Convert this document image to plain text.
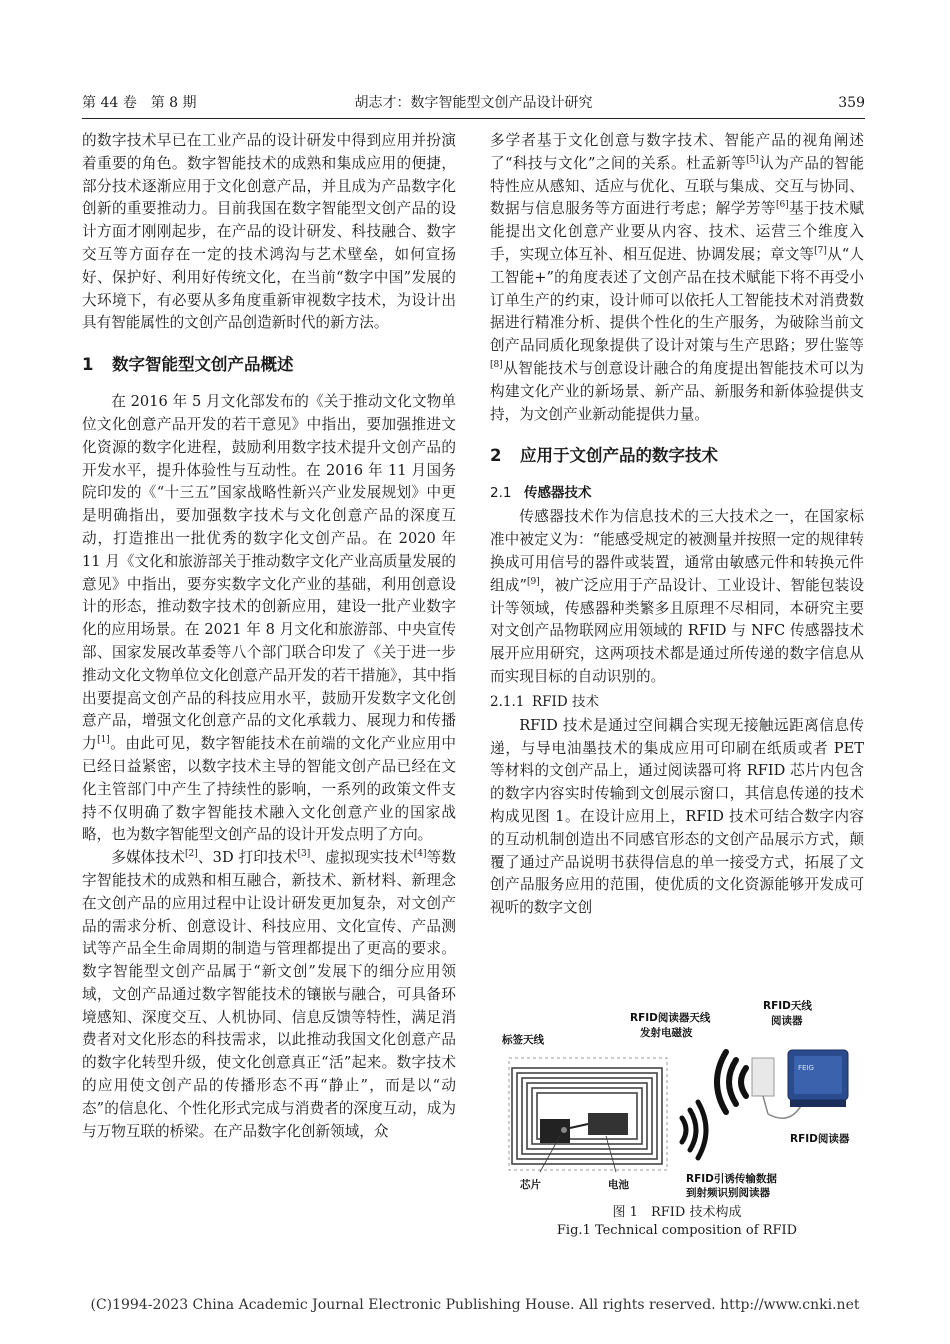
第 44 卷　第 8 期	胡志才：数字智能型文创产品设计研究	359

的数字技术早已在工业产品的设计研发中得到应用并扮演着重要的角色。数字智能技术的成熟和集成应用的便捷，部分技术逐渐应用于文化创意产品，并且成为产品数字化创新的重要推动力。目前我国在数字智能型文创产品的设计方面才刚刚起步，在产品的设计研发、科技融合、数字交互等方面存在一定的技术鸿沟与艺术壁垒，如何宣扬好、保护好、利用好传统文化，在当前“数字中国”发展的大环境下，有必要从多角度重新审视数字技术，为设计出具有智能属性的文创产品创造新时代的新方法。

1 数字智能型文创产品概述

在 2016 年 5 月文化部发布的《关于推动文化文物单位文化创意产品开发的若干意见》中指出，要加强推进文化资源的数字化进程，鼓励利用数字技术提升文创产品的开发水平，提升体验性与互动性。在 2016 年 11 月国务院印发的《“十三五”国家战略性新兴产业发展规划》中更是明确指出，要加强数字技术与文化创意产品的深度互动，打造推出一批优秀的数字化文创产品。在 2020 年 11 月《文化和旅游部关于推动数字文化产业高质量发展的意见》中指出，要夯实数字文化产业的基础，利用创意设计的形态，推动数字技术的创新应用，建设一批产业数字化的应用场景。在 2021 年 8 月文化和旅游部、中央宣传部、国家发展改革委等八个部门联合印发了《关于进一步推动文化文物单位文化创意产品开发的若干措施》，其中指出要提高文创产品的科技应用水平，鼓励开发数字文化创意产品，增强文化创意产品的文化承载力、展现力和传播力[1]。由此可见，数字智能技术在前端的文化产业应用中已经日益紧密，以数字技术主导的智能文创产品已经在文化主管部门中产生了持续性的影响，一系列的政策文件支持不仅明确了数字智能技术融入文化创意产业的国家战略，也为数字智能型文创产品的设计开发点明了方向。

多媒体技术[2]、3D 打印技术[3]、虚拟现实技术[4]等数字智能技术的成熟和相互融合，新技术、新材料、新理念在文创产品的应用过程中让设计研发更加复杂，对文创产品的需求分析、创意设计、科技应用、文化宣传、产品测试等产品全生命周期的制造与管理都提出了更高的要求。数字智能型文创产品属于“新文创”发展下的细分应用领域，文创产品通过数字智能技术的镶嵌与融合，可具备环境感知、深度交互、人机协同、信息反馈等特性，满足消费者对文化形态的科技需求，以此推动我国文化创意产品的数字化转型升级，使文化创意真正“活”起来。数字技术的应用使文创产品的传播形态不再“静止”，而是以“动态”的信息化、个性化形式完成与消费者的深度互动，成为与万物互联的桥梁。在产品数字化创新领域，众

多学者基于文化创意与数字技术、智能产品的视角阐述了“科技与文化”之间的关系。杜孟新等[5]认为产品的智能特性应从感知、适应与优化、互联与集成、交互与协同、数据与信息服务等方面进行考虑；解学芳等[6]基于技术赋能提出文化创意产业要从内容、技术、运营三个维度入手，实现立体互补、相互促进、协调发展；章文等[7]从“人工智能+”的角度表述了文创产品在技术赋能下将不再受小订单生产的约束，设计师可以依托人工智能技术对消费数据进行精准分析、提供个性化的生产服务，为破除当前文创产品同质化现象提供了设计对策与生产思路；罗仕鉴等[8]从智能技术与创意设计融合的角度提出智能技术可以为构建文化产业的新场景、新产品、新服务和新体验提供支持，为文创产业新动能提供力量。

2 应用于文创产品的数字技术
2.1 传感器技术

传感器技术作为信息技术的三大技术之一，在国家标准中被定义为：“能感受规定的被测量并按照一定的规律转换成可用信号的器件或装置，通常由敏感元件和转换元件组成”[9]，被广泛应用于产品设计、工业设计、智能包装设计等领域，传感器种类繁多且原理不尽相同，本研究主要对文创产品物联网应用领域的 RFID 与 NFC 传感器技术展开应用研究，这两项技术都是通过所传递的数字信息从而实现目标的自动识别的。

2.1.1 RFID 技术

RFID 技术是通过空间耦合实现无接触远距离信息传递，与导电油墨技术的集成应用可印刷在纸质或者 PET 等材料的文创产品上，通过阅读器可将 RFID 芯片内包含的数字内容实时传输到文创展示窗口，其信息传递的技术构成见图 1。在设计应用上，RFID 技术可结合数字内容的互动机制创造出不同感官形态的文创产品展示方式，颠覆了通过产品说明书获得信息的单一接受方式，拓展了文创产品服务应用的范围，使优质的文化资源能够开发成可视听的数字文创

FEIG
标签天线
RFID阅读器天线
发射电磁波
RFID天线
阅读器
RFID阅读器
RFID引诱传输数据
到射频识别阅读器
芯片	电池
图 1　RFID 技术构成
Fig.1 Technical composition of RFID
(C)1994-2023 China Academic Journal Electronic Publishing House. All rights reserved. http://www.cnki.net
